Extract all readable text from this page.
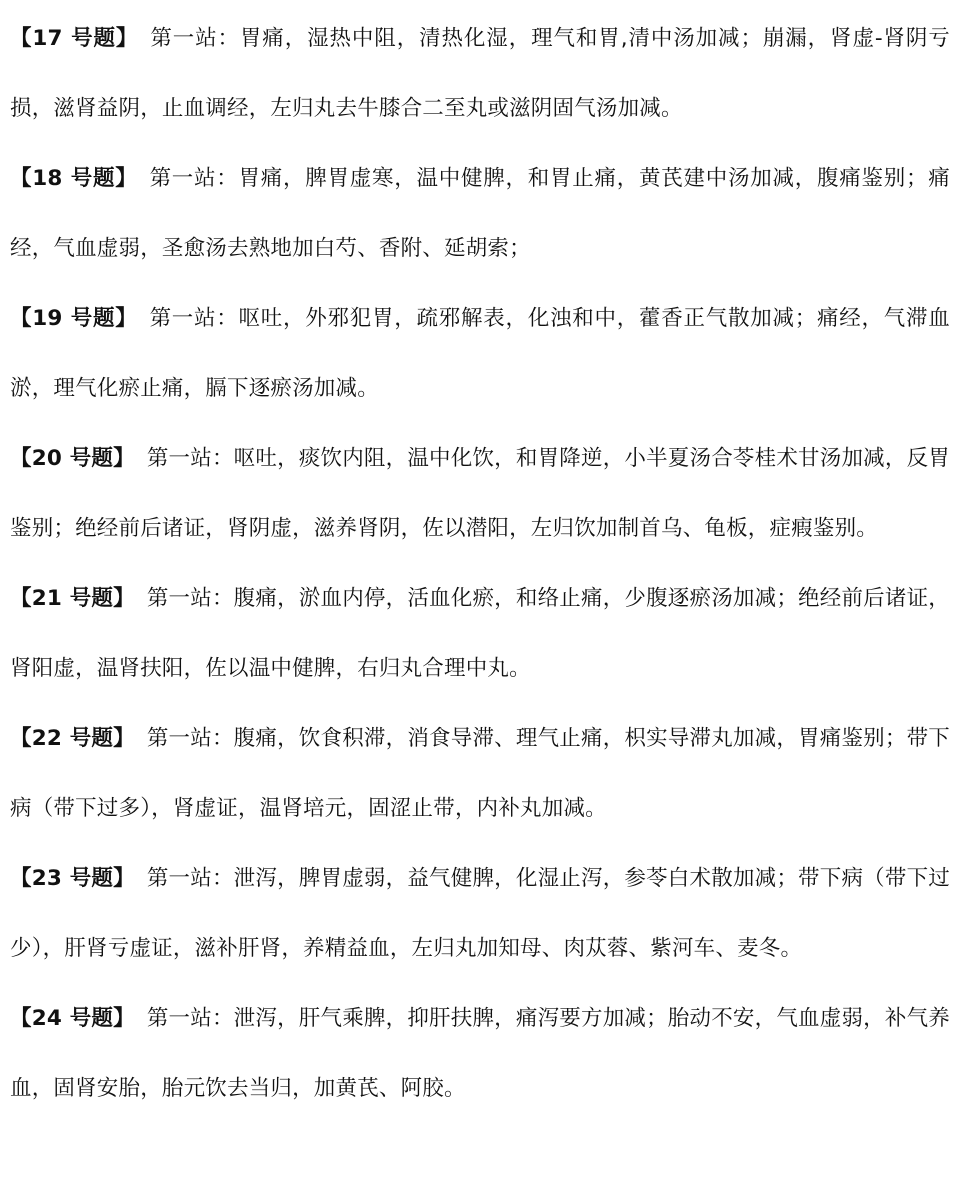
【17 号题】 第一站：胃痛，湿热中阻，清热化湿，理气和胃,清中汤加减；崩漏，肾虚-肾阴亏损，滋肾益阴，止血调经，左归丸去牛膝合二至丸或滋阴固气汤加减。

【18 号题】 第一站：胃痛，脾胃虚寒，温中健脾，和胃止痛，黄芪建中汤加减，腹痛鉴别；痛经，气血虚弱，圣愈汤去熟地加白芍、香附、延胡索；

【19 号题】 第一站：呕吐，外邪犯胃，疏邪解表，化浊和中，藿香正气散加减；痛经，气滞血淤，理气化瘀止痛，膈下逐瘀汤加减。

【20 号题】 第一站：呕吐，痰饮内阻，温中化饮，和胃降逆，小半夏汤合苓桂术甘汤加减，反胃鉴别；绝经前后诸证，肾阴虚，滋养肾阴，佐以潜阳，左归饮加制首乌、龟板，症瘕鉴别。

【21 号题】 第一站：腹痛，淤血内停，活血化瘀，和络止痛，少腹逐瘀汤加减；绝经前后诸证，肾阳虚，温肾扶阳，佐以温中健脾，右归丸合理中丸。

【22 号题】 第一站：腹痛，饮食积滞，消食导滞、理气止痛，枳实导滞丸加减，胃痛鉴别；带下病（带下过多），肾虚证，温肾培元，固涩止带，内补丸加减。

【23 号题】 第一站：泄泻，脾胃虚弱，益气健脾，化湿止泻，参苓白术散加减；带下病（带下过少），肝肾亏虚证，滋补肝肾，养精益血，左归丸加知母、肉苁蓉、紫河车、麦冬。

【24 号题】 第一站：泄泻，肝气乘脾，抑肝扶脾，痛泻要方加减；胎动不安，气血虚弱，补气养血，固肾安胎，胎元饮去当归，加黄芪、阿胶。
